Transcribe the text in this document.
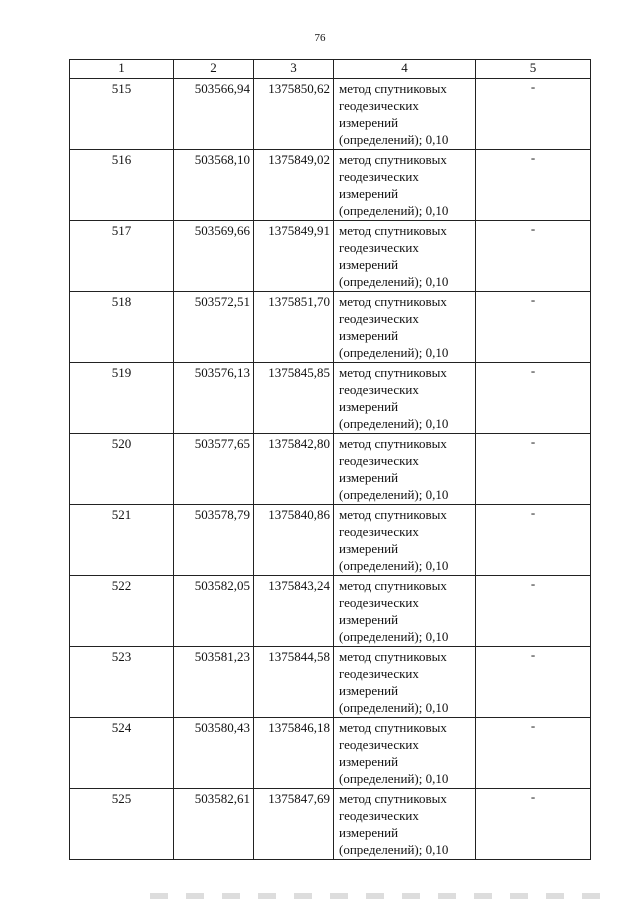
76
1	2	3	4	5
515	503566,94	1375850,62	метод спутниковых
геодезических
измерений
(определений); 0,10	-
516	503568,10	1375849,02	метод спутниковых
геодезических
измерений
(определений); 0,10	-
517	503569,66	1375849,91	метод спутниковых
геодезических
измерений
(определений); 0,10	-
518	503572,51	1375851,70	метод спутниковых
геодезических
измерений
(определений); 0,10	-
519	503576,13	1375845,85	метод спутниковых
геодезических
измерений
(определений); 0,10	-
520	503577,65	1375842,80	метод спутниковых
геодезических
измерений
(определений); 0,10	-
521	503578,79	1375840,86	метод спутниковых
геодезических
измерений
(определений); 0,10	-
522	503582,05	1375843,24	метод спутниковых
геодезических
измерений
(определений); 0,10	-
523	503581,23	1375844,58	метод спутниковых
геодезических
измерений
(определений); 0,10	-
524	503580,43	1375846,18	метод спутниковых
геодезических
измерений
(определений); 0,10	-
525	503582,61	1375847,69	метод спутниковых
геодезических
измерений
(определений); 0,10	-
